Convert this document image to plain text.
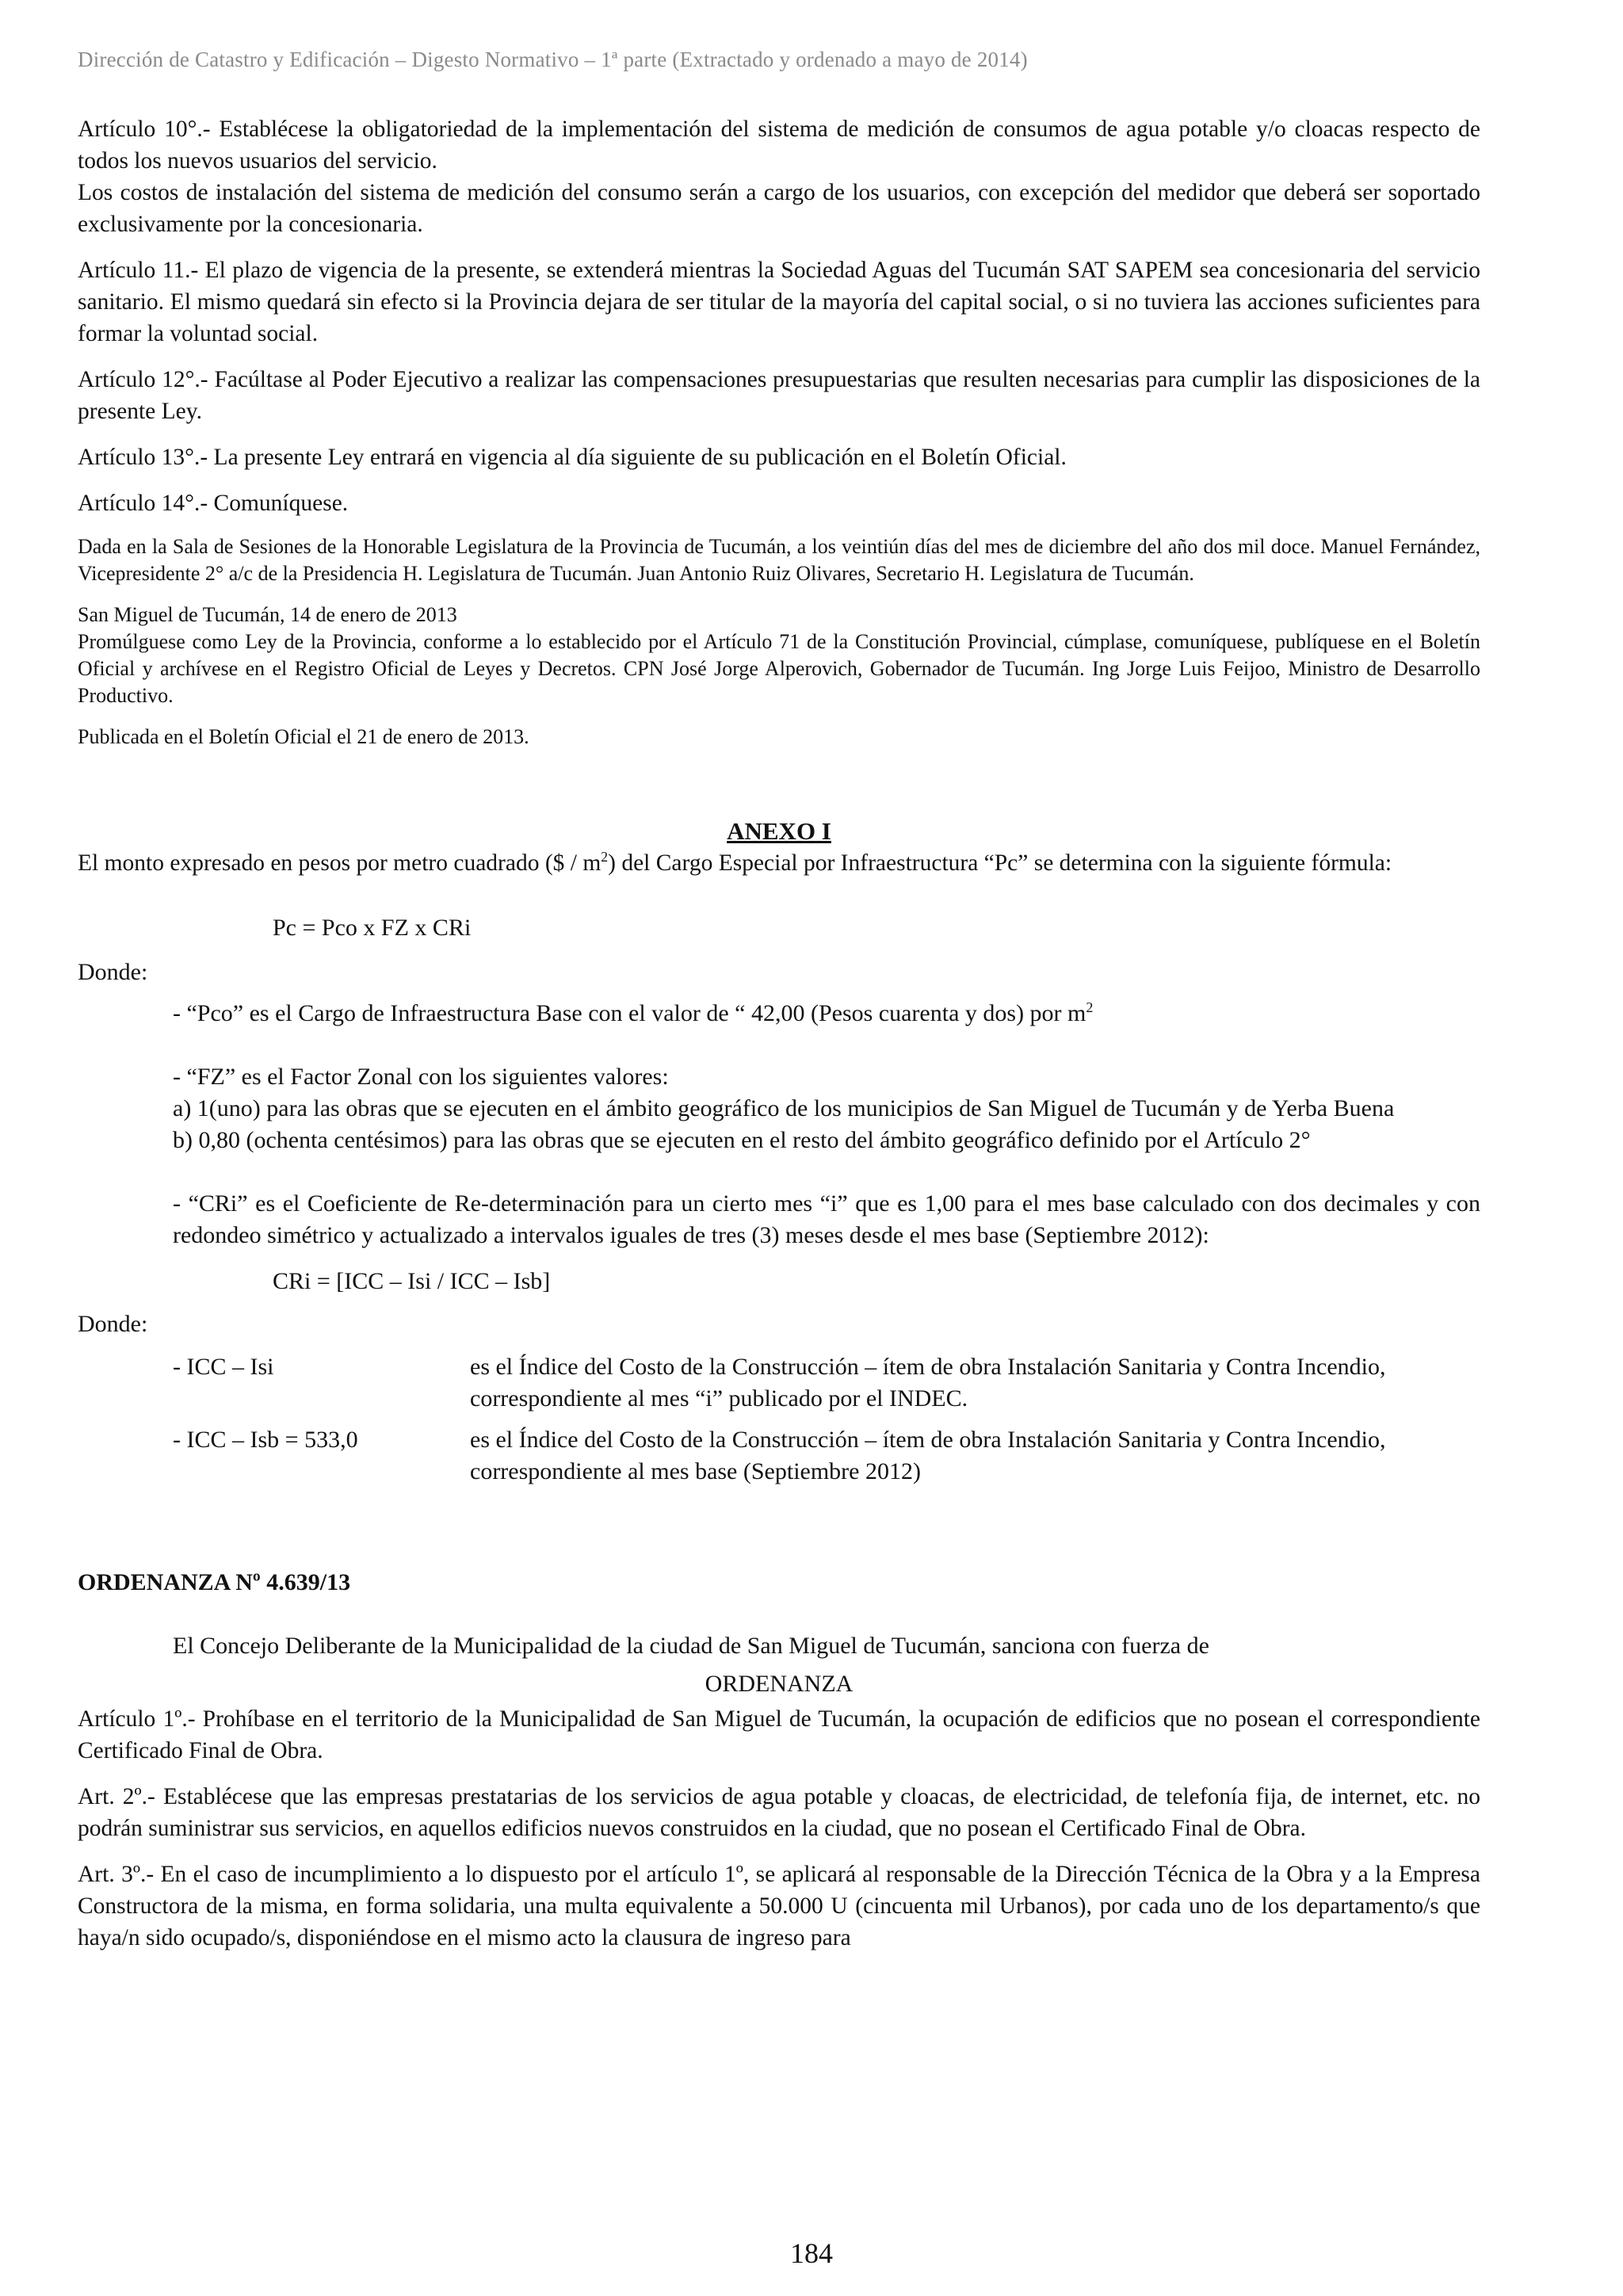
Dirección de Catastro y Edificación – Digesto Normativo – 1ª parte (Extractado y ordenado a mayo de 2014)

Artículo 10°.- Establécese la obligatoriedad de la implementación del sistema de medición de consumos de agua potable y/o cloacas respecto de todos los nuevos usuarios del servicio.

Los costos de instalación del sistema de medición del consumo serán a cargo de los usuarios, con excepción del medidor que deberá ser soportado exclusivamente por la concesionaria.

Artículo 11.- El plazo de vigencia de la presente, se extenderá mientras la Sociedad Aguas del Tucumán SAT SAPEM sea concesionaria del servicio sanitario. El mismo quedará sin efecto si la Provincia dejara de ser titular de la mayoría del capital social, o si no tuviera las acciones suficientes para formar la voluntad social.

Artículo 12°.- Facúltase al Poder Ejecutivo a realizar las compensaciones presupuestarias que resulten necesarias para cumplir las disposiciones de la presente Ley.

Artículo 13°.- La presente Ley entrará en vigencia al día siguiente de su publicación en el Boletín Oficial.

Artículo 14°.- Comuníquese.

Dada en la Sala de Sesiones de la Honorable Legislatura de la Provincia de Tucumán, a los veintiún días del mes de diciembre del año dos mil doce. Manuel Fernández, Vicepresidente 2° a/c de la Presidencia H. Legislatura de Tucumán. Juan Antonio Ruiz Olivares, Secretario H. Legislatura de Tucumán.

San Miguel de Tucumán, 14 de enero de 2013

Promúlguese como Ley de la Provincia, conforme a lo establecido por el Artículo 71 de la Constitución Provincial, cúmplase, comuníquese, publíquese en el Boletín Oficial y archívese en el Registro Oficial de Leyes y Decretos. CPN José Jorge Alperovich, Gobernador de Tucumán. Ing Jorge Luis Feijoo, Ministro de Desarrollo Productivo.

Publicada en el Boletín Oficial el 21 de enero de 2013.

ANEXO I

El monto expresado en pesos por metro cuadrado ($ / $m^2$) del Cargo Especial por Infraestructura “Pc” se determina con la siguiente fórmula:

Pc = Pco x FZ x CRi

Donde:

- “Pco” es el Cargo de Infraestructura Base con el valor de “ 42,00 (Pesos cuarenta y dos) por $m^2$

- “FZ” es el Factor Zonal con los siguientes valores:

a) 1(uno) para las obras que se ejecuten en el ámbito geográfico de los municipios de San Miguel de Tucumán y de Yerba Buena

b) 0,80 (ochenta centésimos) para las obras que se ejecuten en el resto del ámbito geográfico definido por el Artículo 2°

- “CRi” es el Coeficiente de Re-determinación para un cierto mes “i” que es 1,00 para el mes base calculado con dos decimales y con redondeo simétrico y actualizado a intervalos iguales de tres (3) meses desde el mes base (Septiembre 2012):

CRi = [ICC – Isi / ICC – Isb]

Donde:

- ICC – Isi	es el Índice del Costo de la Construcción – ítem de obra Instalación Sanitaria y Contra Incendio, correspondiente al mes “i” publicado por el INDEC.
- ICC – Isb = 533,0	es el Índice del Costo de la Construcción – ítem de obra Instalación Sanitaria y Contra Incendio, correspondiente al mes base (Septiembre 2012)
ORDENANZA Nº 4.639/13

El Concejo Deliberante de la Municipalidad de la ciudad de San Miguel de Tucumán, sanciona con fuerza de

ORDENANZA

Artículo 1º.- Prohíbase en el territorio de la Municipalidad de San Miguel de Tucumán, la ocupación de edificios que no posean el correspondiente Certificado Final de Obra.

Art. 2º.- Establécese que las empresas prestatarias de los servicios de agua potable y cloacas, de electricidad, de telefonía fija, de internet, etc. no podrán suministrar sus servicios, en aquellos edificios nuevos construidos en la ciudad, que no posean el Certificado Final de Obra.

Art. 3º.- En el caso de incumplimiento a lo dispuesto por el artículo 1º, se aplicará al responsable de la Dirección Técnica de la Obra y a la Empresa Constructora de la misma, en forma solidaria, una multa equivalente a 50.000 U (cincuenta mil Urbanos), por cada uno de los departamento/s que haya/n sido ocupado/s, disponiéndose en el mismo acto la clausura de ingreso para

184
